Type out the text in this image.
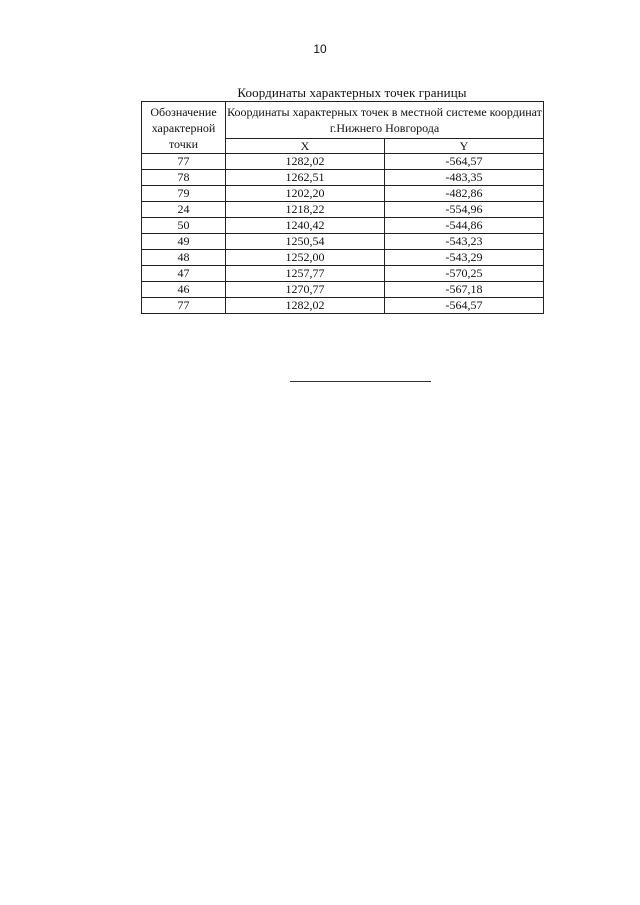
10
Координаты характерных точек границы
Обозначение характерной точки	Координаты характерных точек в местной системе координат г.Нижнего Новгорода	
	X	Y
77	1282,02	-564,57
78	1262,51	-483,35
79	1202,20	-482,86
24	1218,22	-554,96
50	1240,42	-544,86
49	1250,54	-543,23
48	1252,00	-543,29
47	1257,77	-570,25
46	1270,77	-567,18
77	1282,02	-564,57
